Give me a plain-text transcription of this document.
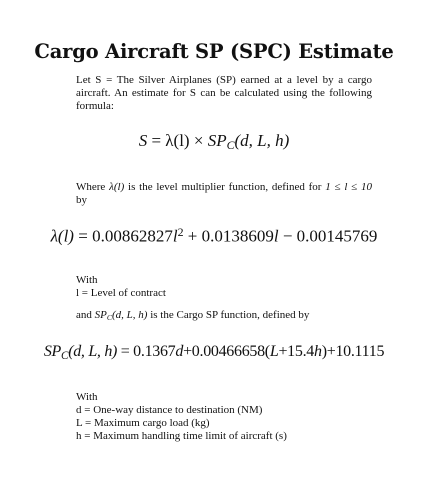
Cargo Aircraft SP (SPC) Estimate
Let S = The Silver Airplanes (SP) earned at a level by a cargo aircraft. An estimate for S can be calculated using the following formula:
$S = \lambda(l) \times SP_C(d$, L, h)
Where λ(l) is the level multiplier function, defined for 1 ≤ l ≤ 10 by
$\lambda(l) = 0.00862827l^2 + 0.0138609l - 0.00145769$
With
l = Level of contract
and $SP_C(d$, L, h) is the Cargo SP function, defined by
$SP_C(d$, L, h) = 0.1367d+0.00466658(L+15.4h)+10.1115
With
d = One-way distance to destination (NM)
L = Maximum cargo load (kg)
h = Maximum handling time limit of aircraft (s)
